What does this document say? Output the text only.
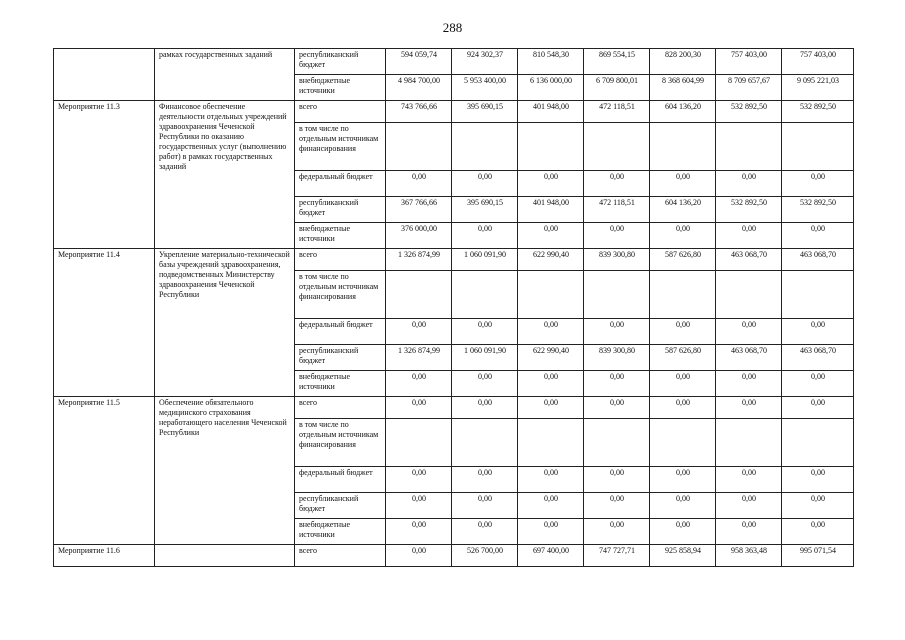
288
	рамках государственных заданий	республиканский бюджет	594 059,74	924 302,37	810 548,30	869 554,15	828 200,30	757 403,00	757 403,00
		внебюджетные источники	4 984 700,00	5 953 400,00	6 136 000,00	6 709 800,01	8 368 604,99	8 709 657,67	9 095 221,03
Мероприятие 11.3	Финансовое обеспечение деятельности отдельных учреждений здравоохранения Чеченской Республики по оказанию государственных услуг (выполнению работ) в рамках государственных заданий	всего	743 766,66	395 690,15	401 948,00	472 118,51	604 136,20	532 892,50	532 892,50
		в том числе по отдельным источникам финансирования							
		федеральный бюджет	0,00	0,00	0,00	0,00	0,00	0,00	0,00
		республиканский бюджет	367 766,66	395 690,15	401 948,00	472 118,51	604 136,20	532 892,50	532 892,50
		внебюджетные источники	376 000,00	0,00	0,00	0,00	0,00	0,00	0,00
Мероприятие 11.4	Укрепление материально-технической базы учреждений здравоохранения, подведомственных Министерству здравоохранения Чеченской Республики	всего	1 326 874,99	1 060 091,90	622 990,40	839 300,80	587 626,80	463 068,70	463 068,70
		в том числе по отдельным источникам финансирования							
		федеральный бюджет	0,00	0,00	0,00	0,00	0,00	0,00	0,00
		республиканский бюджет	1 326 874,99	1 060 091,90	622 990,40	839 300,80	587 626,80	463 068,70	463 068,70
		внебюджетные источники	0,00	0,00	0,00	0,00	0,00	0,00	0,00
Мероприятие 11.5	Обеспечение обязательного медицинского страхования неработающего населения Чеченской Республики	всего	0,00	0,00	0,00	0,00	0,00	0,00	0,00
		в том числе по отдельным источникам финансирования							
		федеральный бюджет	0,00	0,00	0,00	0,00	0,00	0,00	0,00
		республиканский бюджет	0,00	0,00	0,00	0,00	0,00	0,00	0,00
		внебюджетные источники	0,00	0,00	0,00	0,00	0,00	0,00	0,00
Мероприятие 11.6		всего	0,00	526 700,00	697 400,00	747 727,71	925 858,94	958 363,48	995 071,54
